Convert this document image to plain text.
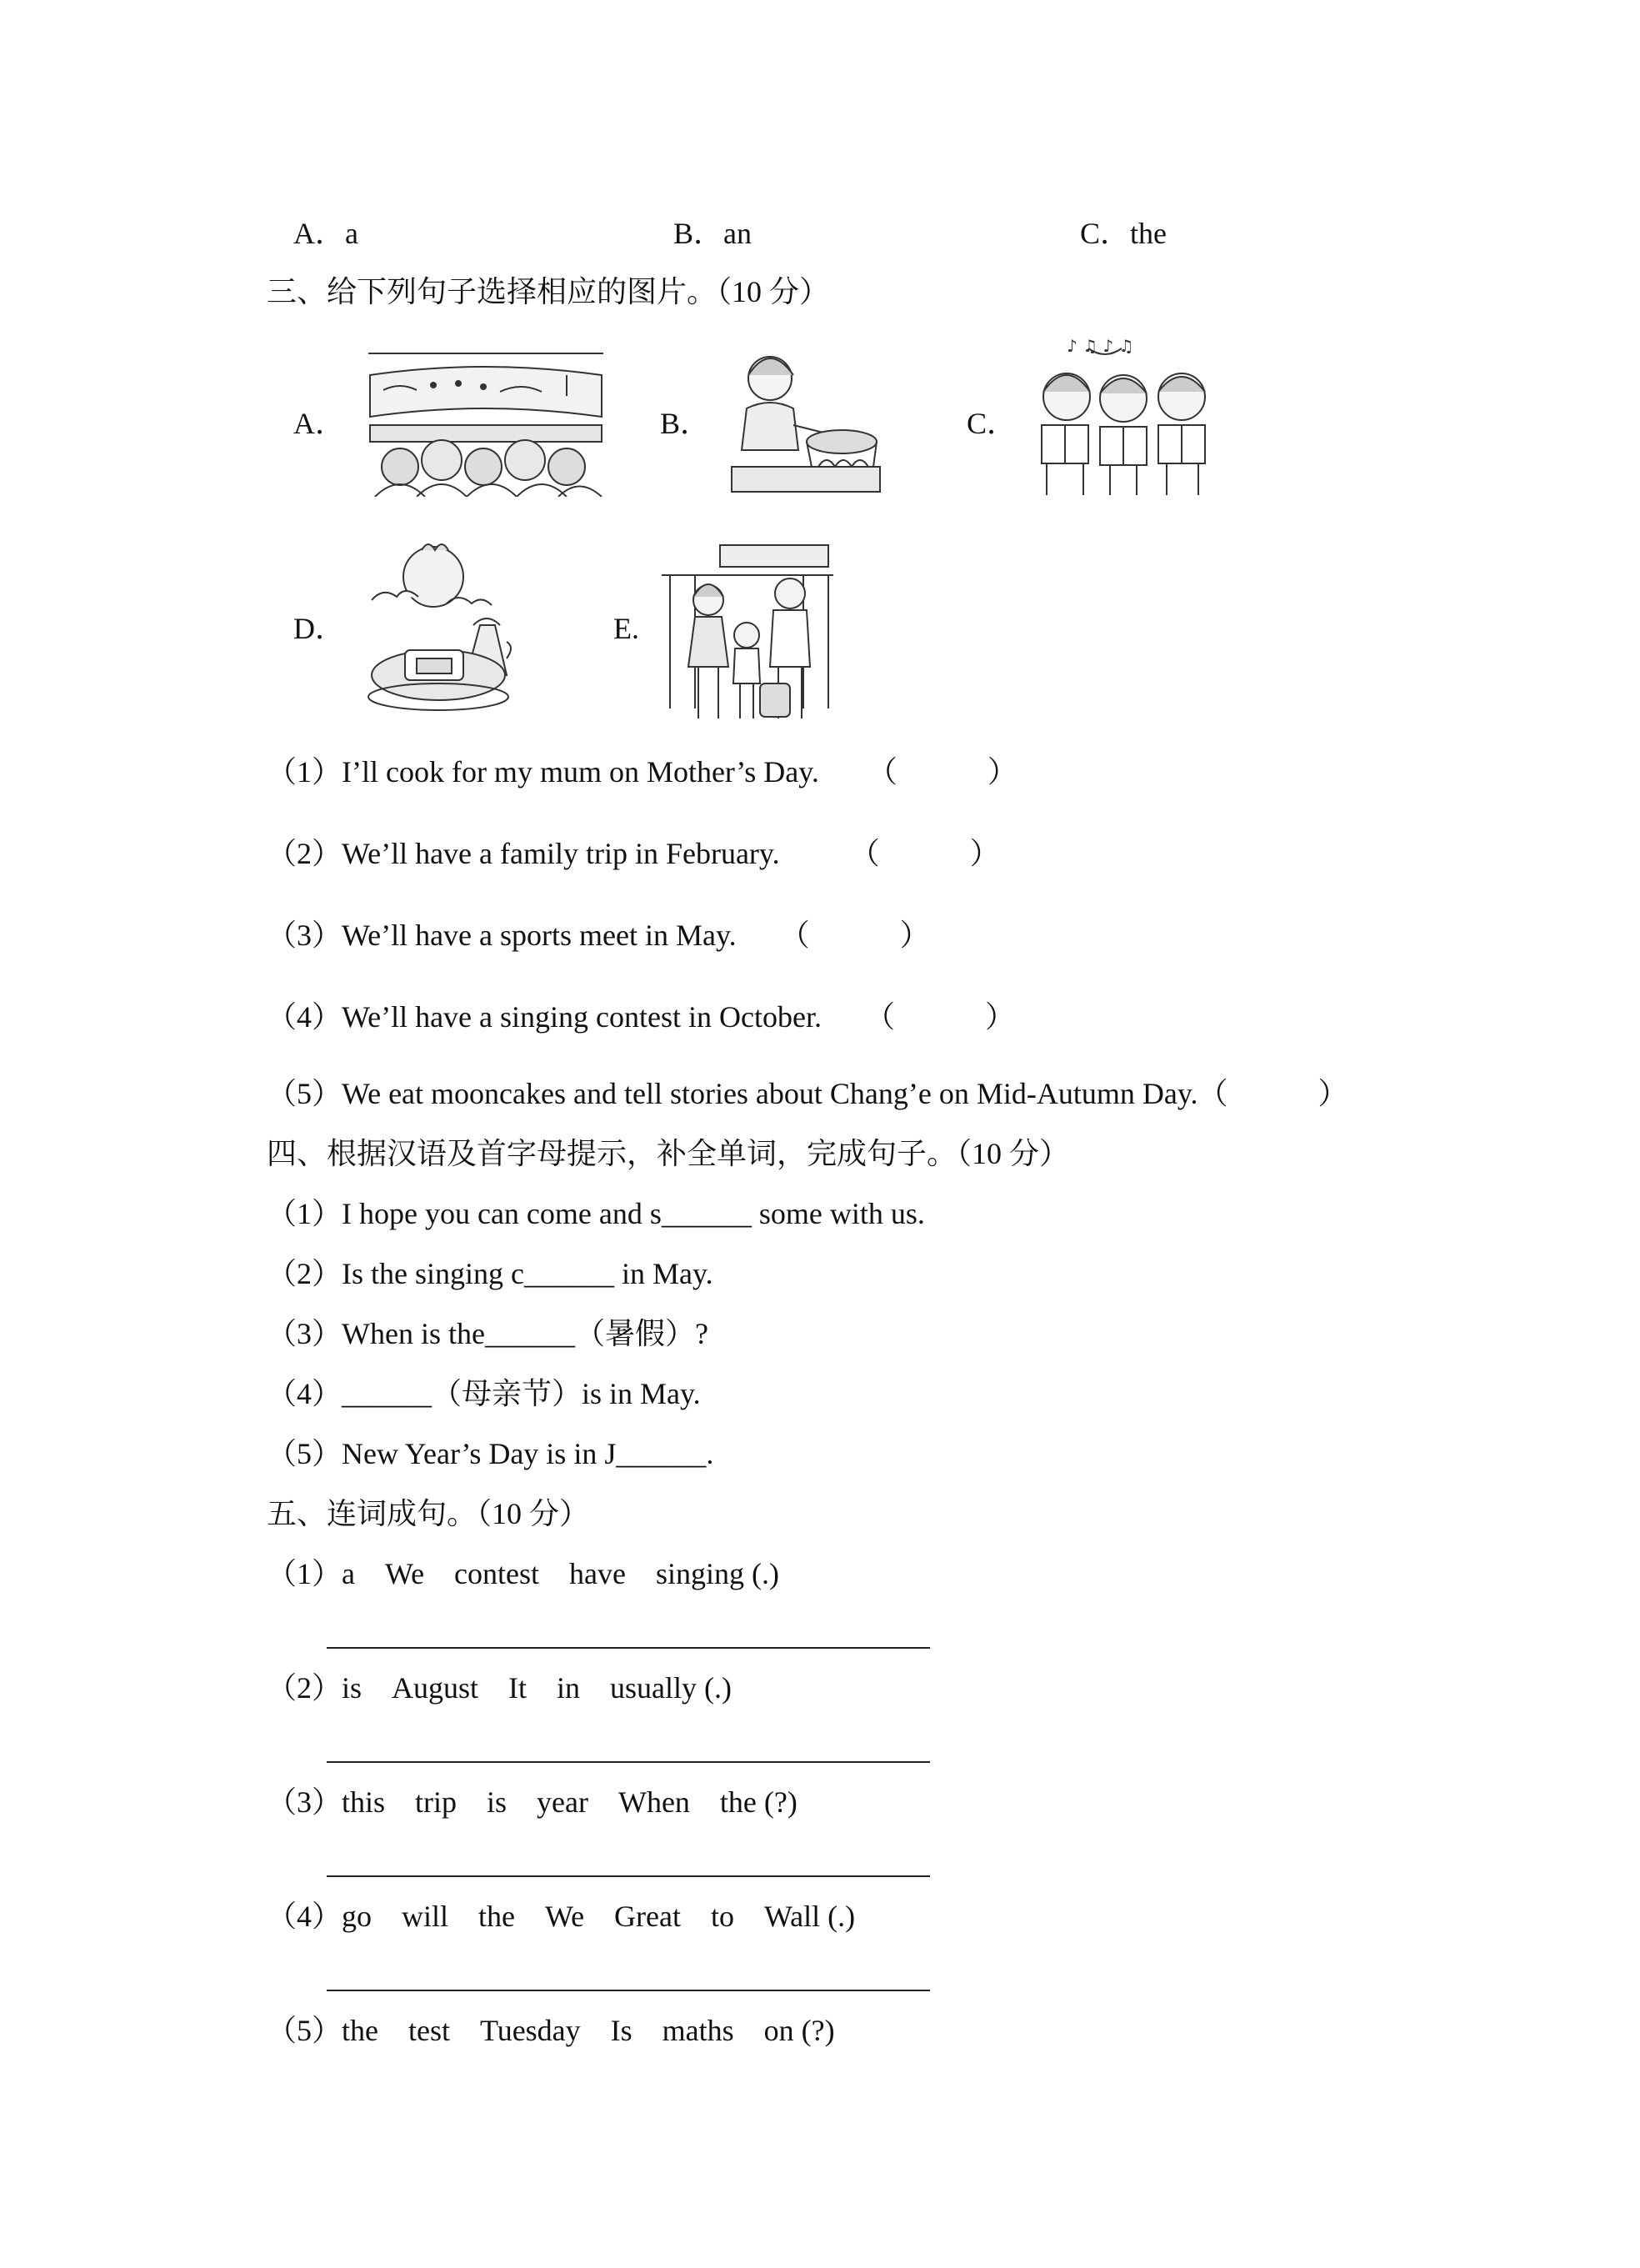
A．a	B．an	C．the
三、给下列句子选择相应的图片。（10 分）
A．	B．	C．
♪ ♫ ♪ ♫
D．	E.
（1）I’ll cook for my mum on Mother’s Day. （　　　）
（2）We’ll have a family trip in February. （　　　）
（3）We’ll have a sports meet in May. （　　　）
（4）We’ll have a singing contest in October. （　　　）
（5）We eat mooncakes and tell stories about Chang’e on Mid-Autumn Day.（　　　）
四、根据汉语及首字母提示，补全单词，完成句子。（10 分）
（1）I hope you can come and s______ some with us.
（2）Is the singing c______ in May.
（3）When is the______（暑假）?
（4）______（母亲节）is in May.
（5）New Year’s Day is in J______.
五、连词成句。（10 分）
（1）a　We　contest　have　singing (.)
（2）is　August　It　in　usually (.)
（3）this　trip　is　year　When　the (?)
（4）go　will　the　We　Great　to　Wall (.)
（5）the　test　Tuesday　Is　maths　on (?)
